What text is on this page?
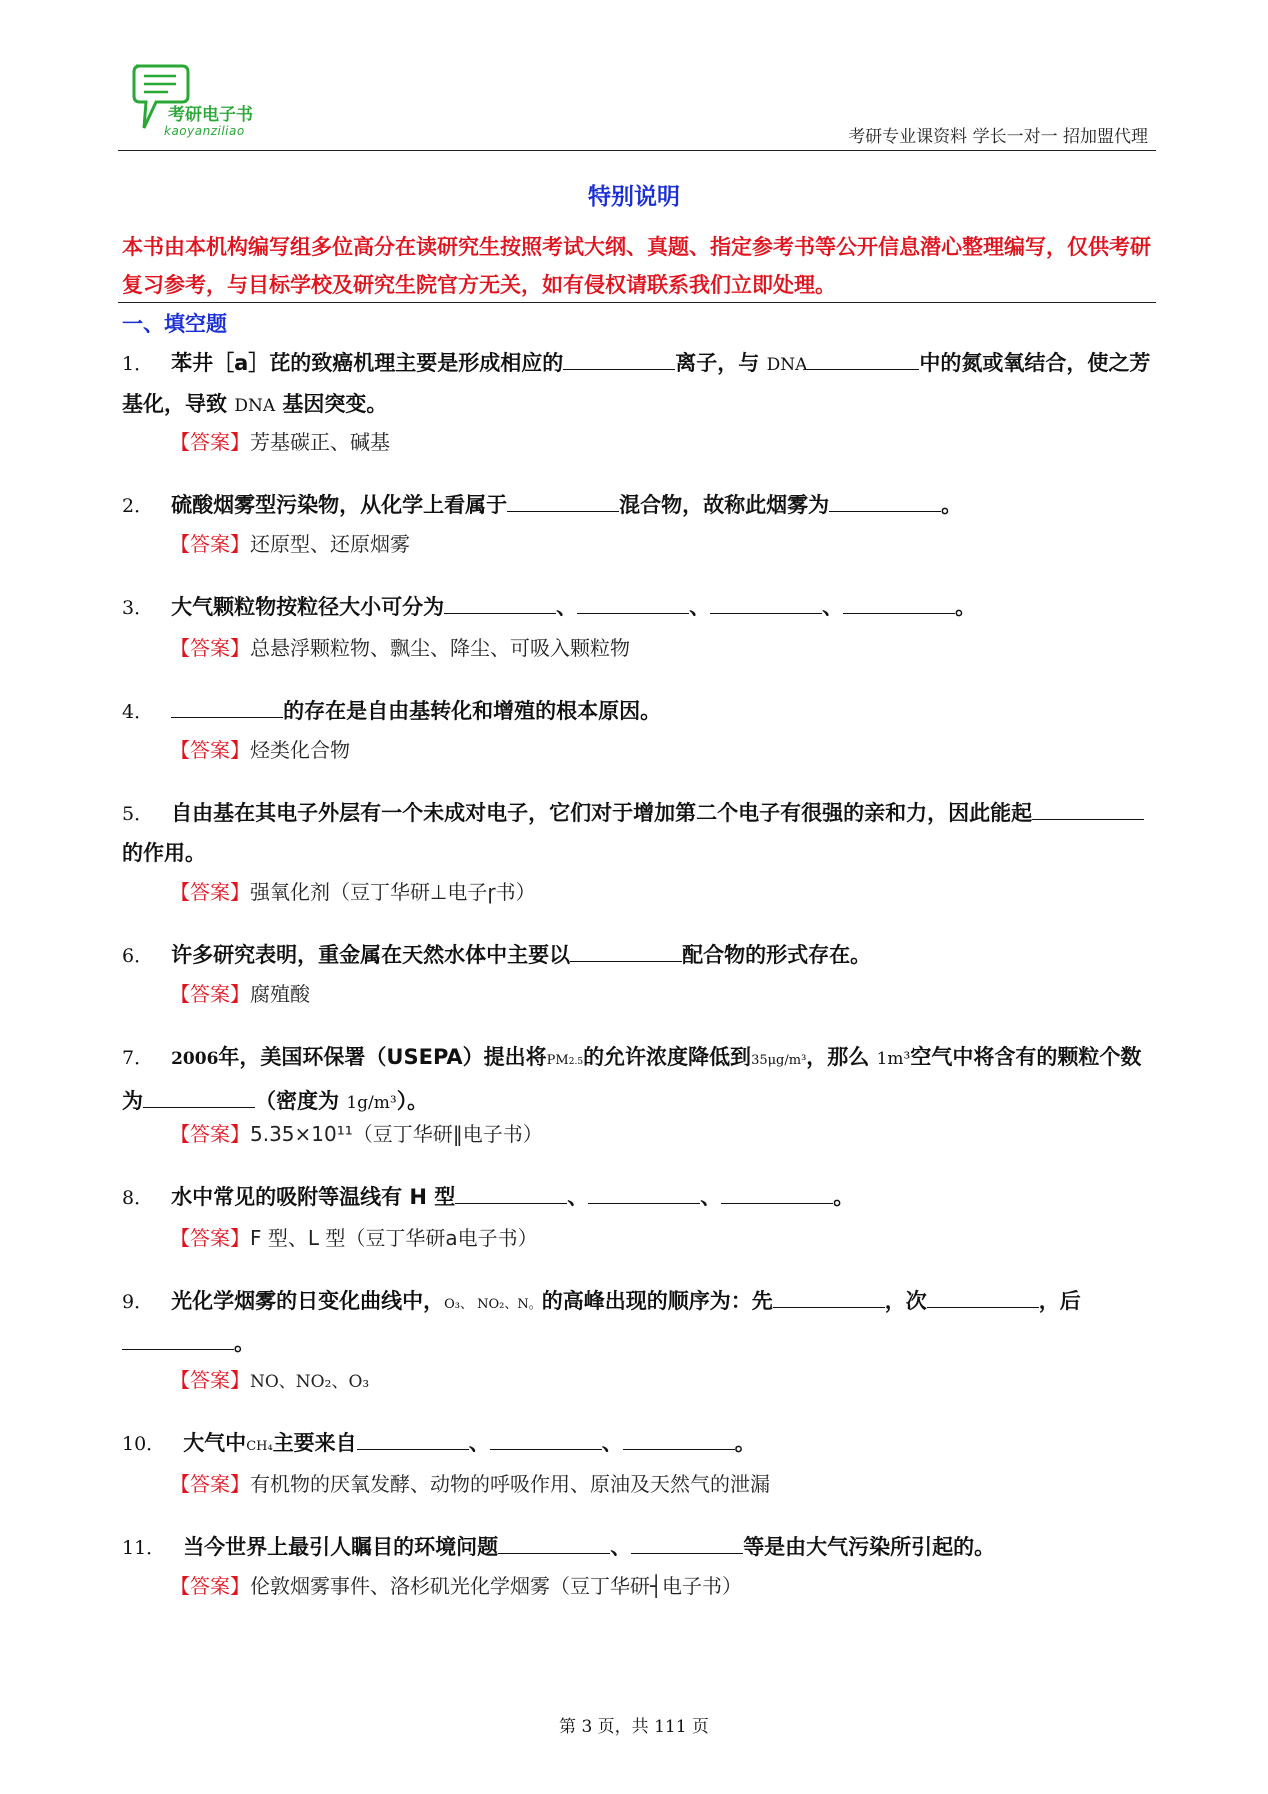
考研电子书
kaoyanziliao	考研专业课资料 学长一对一 招加盟代理
特别说明
本书由本机构编写组多位高分在读研究生按照考试大纲、真题、指定参考书等公开信息潜心整理编写，仅供考研复习参考，与目标学校及研究生院官方无关，如有侵权请联系我们立即处理。
一、填空题
1． 苯井［a］芘的致癌机理主要是形成相应的	离子，与 DNA	中的氮或氧结合，使之芳基化，导致 DNA 基因突变。
【答案】芳基碳正、碱基
2． 硫酸烟雾型污染物，从化学上看属于	混合物，故称此烟雾为	。
【答案】还原型、还原烟雾
3． 大气颗粒物按粒径大小可分为	、	、	、	。
【答案】总悬浮颗粒物、飘尘、降尘、可吸入颗粒物
4．	的存在是自由基转化和增殖的根本原因。
【答案】烃类化合物
5． 自由基在其电子外层有一个未成对电子，它们对于增加第二个电子有很强的亲和力，因此能起的作用。
【答案】强氧化剂（豆丁华研⊥电子ɼ书）
6． 许多研究表明，重金属在天然水体中主要以	配合物的形式存在。
【答案】腐殖酸
7． 2006年，美国环保署（USEPA）提出将PM2.5的允许浓度降低到35μg/m³，那么 1m³空气中将含有的颗粒个数为	（密度为 1g/m³）。
【答案】5.35×10¹¹（豆丁华研‖电子书）
8． 水中常见的吸附等温线有 H 型	、	、	。
【答案】F 型、L 型（豆丁华研a电子书）
9． 光化学烟雾的日变化曲线中，O₃、 NO₂、N。的高峰出现的顺序为：先	，次	，后。
【答案】NO、NO₂、O₃
10． 大气中CH₄主要来自	、	、	。
【答案】有机物的厌氧发酵、动物的呼吸作用、原油及天然气的泄漏
11． 当今世界上最引人瞩目的环境问题	、	等是由大气污染所引起的。
【答案】伦敦烟雾事件、洛杉矶光化学烟雾（豆丁华研┤电子书）
第 3 页，共 111 页
